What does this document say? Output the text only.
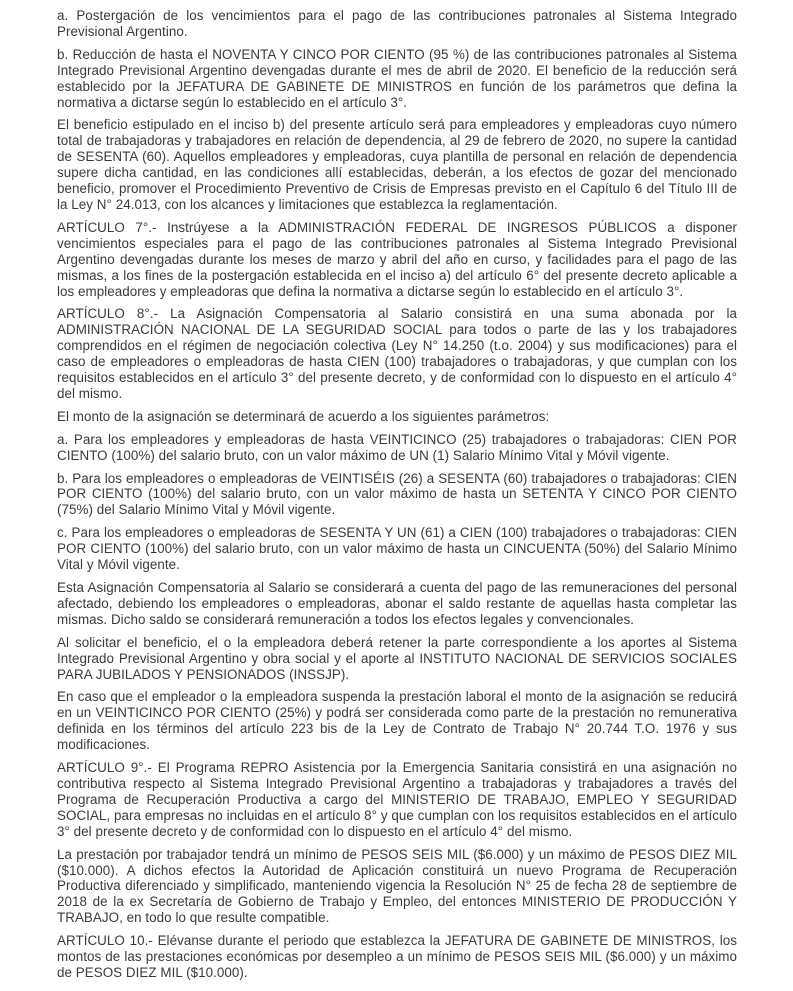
a. Postergación de los vencimientos para el pago de las contribuciones patronales al Sistema Integrado Previsional Argentino.

b. Reducción de hasta el NOVENTA Y CINCO POR CIENTO (95 %) de las contribuciones patronales al Sistema Integrado Previsional Argentino devengadas durante el mes de abril de 2020. El beneficio de la reducción será establecido por la JEFATURA DE GABINETE DE MINISTROS en función de los parámetros que defina la normativa a dictarse según lo establecido en el artículo 3°.

El beneficio estipulado en el inciso b) del presente artículo será para empleadores y empleadoras cuyo número total de trabajadoras y trabajadores en relación de dependencia, al 29 de febrero de 2020, no supere la cantidad de SESENTA (60). Aquellos empleadores y empleadoras, cuya plantilla de personal en relación de dependencia supere dicha cantidad, en las condiciones allí establecidas, deberán, a los efectos de gozar del mencionado beneficio, promover el Procedimiento Preventivo de Crisis de Empresas previsto en el Capítulo 6 del Título III de la Ley N° 24.013, con los alcances y limitaciones que establezca la reglamentación.

ARTÍCULO 7°.- Instrúyese a la ADMINISTRACIÓN FEDERAL DE INGRESOS PÚBLICOS a disponer vencimientos especiales para el pago de las contribuciones patronales al Sistema Integrado Previsional Argentino devengadas durante los meses de marzo y abril del año en curso, y facilidades para el pago de las mismas, a los fines de la postergación establecida en el inciso a) del artículo 6° del presente decreto aplicable a los empleadores y empleadoras que defina la normativa a dictarse según lo establecido en el artículo 3°.

ARTÍCULO 8°.- La Asignación Compensatoria al Salario consistirá en una suma abonada por la ADMINISTRACIÓN NACIONAL DE LA SEGURIDAD SOCIAL para todos o parte de las y los trabajadores comprendidos en el régimen de negociación colectiva (Ley N° 14.250 (t.o. 2004) y sus modificaciones) para el caso de empleadores o empleadoras de hasta CIEN (100) trabajadores o trabajadoras, y que cumplan con los requisitos establecidos en el artículo 3° del presente decreto, y de conformidad con lo dispuesto en el artículo 4° del mismo.

El monto de la asignación se determinará de acuerdo a los siguientes parámetros:

a. Para los empleadores y empleadoras de hasta VEINTICINCO (25) trabajadores o trabajadoras: CIEN POR CIENTO (100%) del salario bruto, con un valor máximo de UN (1) Salario Mínimo Vital y Móvil vigente.

b. Para los empleadores o empleadoras de VEINTISÉIS (26) a SESENTA (60) trabajadores o trabajadoras: CIEN POR CIENTO (100%) del salario bruto, con un valor máximo de hasta un SETENTA Y CINCO POR CIENTO (75%) del Salario Mínimo Vital y Móvil vigente.

c. Para los empleadores o empleadoras de SESENTA Y UN (61) a CIEN (100) trabajadores o trabajadoras: CIEN POR CIENTO (100%) del salario bruto, con un valor máximo de hasta un CINCUENTA (50%) del Salario Mínimo Vital y Móvil vigente.

Esta Asignación Compensatoria al Salario se considerará a cuenta del pago de las remuneraciones del personal afectado, debiendo los empleadores o empleadoras, abonar el saldo restante de aquellas hasta completar las mismas. Dicho saldo se considerará remuneración a todos los efectos legales y convencionales.

Al solicitar el beneficio, el o la empleadora deberá retener la parte correspondiente a los aportes al Sistema Integrado Previsional Argentino y obra social y el aporte al INSTITUTO NACIONAL DE SERVICIOS SOCIALES PARA JUBILADOS Y PENSIONADOS (INSSJP).

En caso que el empleador o la empleadora suspenda la prestación laboral el monto de la asignación se reducirá en un VEINTICINCO POR CIENTO (25%) y podrá ser considerada como parte de la prestación no remunerativa definida en los términos del artículo 223 bis de la Ley de Contrato de Trabajo N° 20.744 T.O. 1976 y sus modificaciones.

ARTÍCULO 9°.- El Programa REPRO Asistencia por la Emergencia Sanitaria consistirá en una asignación no contributiva respecto al Sistema Integrado Previsional Argentino a trabajadoras y trabajadores a través del Programa de Recuperación Productiva a cargo del MINISTERIO DE TRABAJO, EMPLEO Y SEGURIDAD SOCIAL, para empresas no incluidas en el artículo 8° y que cumplan con los requisitos establecidos en el artículo 3° del presente decreto y de conformidad con lo dispuesto en el artículo 4° del mismo.

La prestación por trabajador tendrá un mínimo de PESOS SEIS MIL ($6.000) y un máximo de PESOS DIEZ MIL ($10.000). A dichos efectos la Autoridad de Aplicación constituirá un nuevo Programa de Recuperación Productiva diferenciado y simplificado, manteniendo vigencia la Resolución N° 25 de fecha 28 de septiembre de 2018 de la ex Secretaría de Gobierno de Trabajo y Empleo, del entonces MINISTERIO DE PRODUCCIÓN Y TRABAJO, en todo lo que resulte compatible.

ARTÍCULO 10.- Elévanse durante el periodo que establezca la JEFATURA DE GABINETE DE MINISTROS, los montos de las prestaciones económicas por desempleo a un mínimo de PESOS SEIS MIL ($6.000) y un máximo de PESOS DIEZ MIL ($10.000).
